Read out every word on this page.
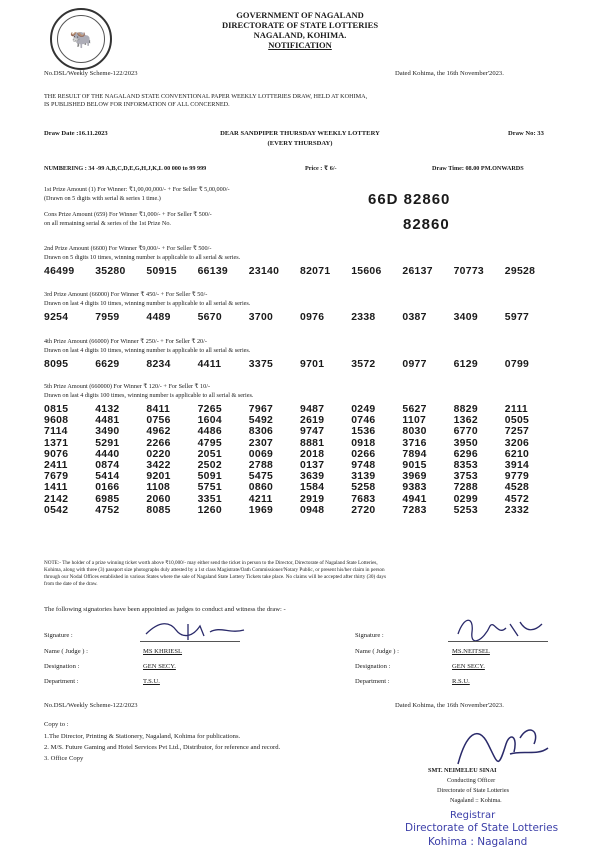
🐃
GOVERNMENT OF NAGALAND
DIRECTORATE OF STATE LOTTERIES
NAGALAND, KOHIMA.
NOTIFICATION
No.DSL/Weekly Scheme-122/2023	Dated Kohima, the 16th November'2023.
THE RESULT OF THE NAGALAND STATE CONVENTIONAL PAPER WEEKLY LOTTERIES DRAW, HELD AT KOHIMA,
IS PUBLISHED BELOW FOR INFORMATION OF ALL CONCERNED.
Draw Date :16.11.2023	DEAR SANDPIPER THURSDAY WEEKLY LOTTERY
(EVERY THURSDAY)
Draw No: 33
NUMBERING : 34 -99 A,B,C,D,E,G,H,J,K,L 00 000 to 99 999	Price : ₹ 6/-	Draw Time: 08.00 PM.ONWARDS
1st Prize Amount (1) For Winner: ₹1,00,00,000/- + For Seller ₹ 5,00,000/-
(Drawn on 5 digits with serial & series 1 time.)	66D 82860
Cons Prize Amount (659) For Winner ₹1,000/- + For Seller ₹ 500/-
on all remaining serial & series of the 1st Prize No.	82860
2nd Prize Amount (6600) For Winner ₹9,000/- + For Seller ₹ 500/-
Drawn on 5 digits 10 times, winning number is applicable to all serial & series.
46499	35280	50915	66139	23140	82071	15606	26137	70773	29528
3rd Prize Amount (66000) For Winner ₹ 450/- + For Seller ₹ 50/-
Drawn on last 4 digits 10 times, winning number is applicable to all serial & series.
9254	7959	4489	5670	3700	0976	2338	0387	3409	5977
4th Prize Amount (66000) For Winner ₹ 250/- + For Seller ₹ 20/-
Drawn on last 4 digits 10 times, winning number is applicable to all serial & series.
8095	6629	8234	4411	3375	9701	3572	0977	6129	0799
5th Prize Amount (660000) For Winner ₹ 120/- + For Seller ₹ 10/-
Drawn on last 4 digits 100 times, winning number is applicable to all serial & series.
0815	4132	8411	7265	7967	9487	0249	5627	8829	2111
9608	4481	0756	1604	5492	2619	0746	1107	1362	0505
7114	3490	4962	4486	8306	9747	1536	8030	6770	7257
1371	5291	2266	4795	2307	8881	0918	3716	3950	3206
9076	4440	0220	2051	0069	2018	0266	7894	6296	6210
2411	0874	3422	2502	2788	0137	9748	9015	8353	3914
7679	5414	9201	5091	5475	3639	3139	3969	3753	9779
1411	0166	1108	5751	0860	1584	5258	9383	7288	4528
2142	6985	2060	3351	4211	2919	7683	4941	0299	4572
0542	4752	8085	1260	1969	0948	2720	7283	5253	2332
NOTE:- The holder of a prize winning ticket worth above ₹10,000/- may either send the ticket in person to the Director, Directorate of Nagaland State Lotteries,
Kohima, along with three (3) passport size photographs duly attested by a 1st class Magistrate/Oath Commissioner/Notary Public, or present his/her claim in person
through our Nodal Offices established in various States where the sale of Nagaland State Lottery Tickets take place. No claims will be accepted after thirty (30) days
from the date of the draw.
The following signatories have been appointed as judges to conduct and witness the draw: -
Signature :
Name ( Judge ) :	MS KHRIESL
Designation :	GEN SECY.
Department :	T.S.U.
Signature :
Name ( Judge ) :	MS.NEITSEL
Designation :	GEN SECY.
Department :	R.S.U.
No.DSL/Weekly Scheme-122/2023	Dated Kohima, the 16th November'2023.
Copy to :
1.The Director, Printing & Stationery, Nagaland, Kohima for publications.
2. M/S. Future Gaming and Hotel Services Pvt Ltd., Distributor, for reference and record.
3. Office Copy
SMT. NEIMELEU SINAI
Conducting Officer
Directorate of State Lotteries
Nagaland :: Kohima.
Registrar
Directorate of State Lotteries
Kohima : Nagaland
